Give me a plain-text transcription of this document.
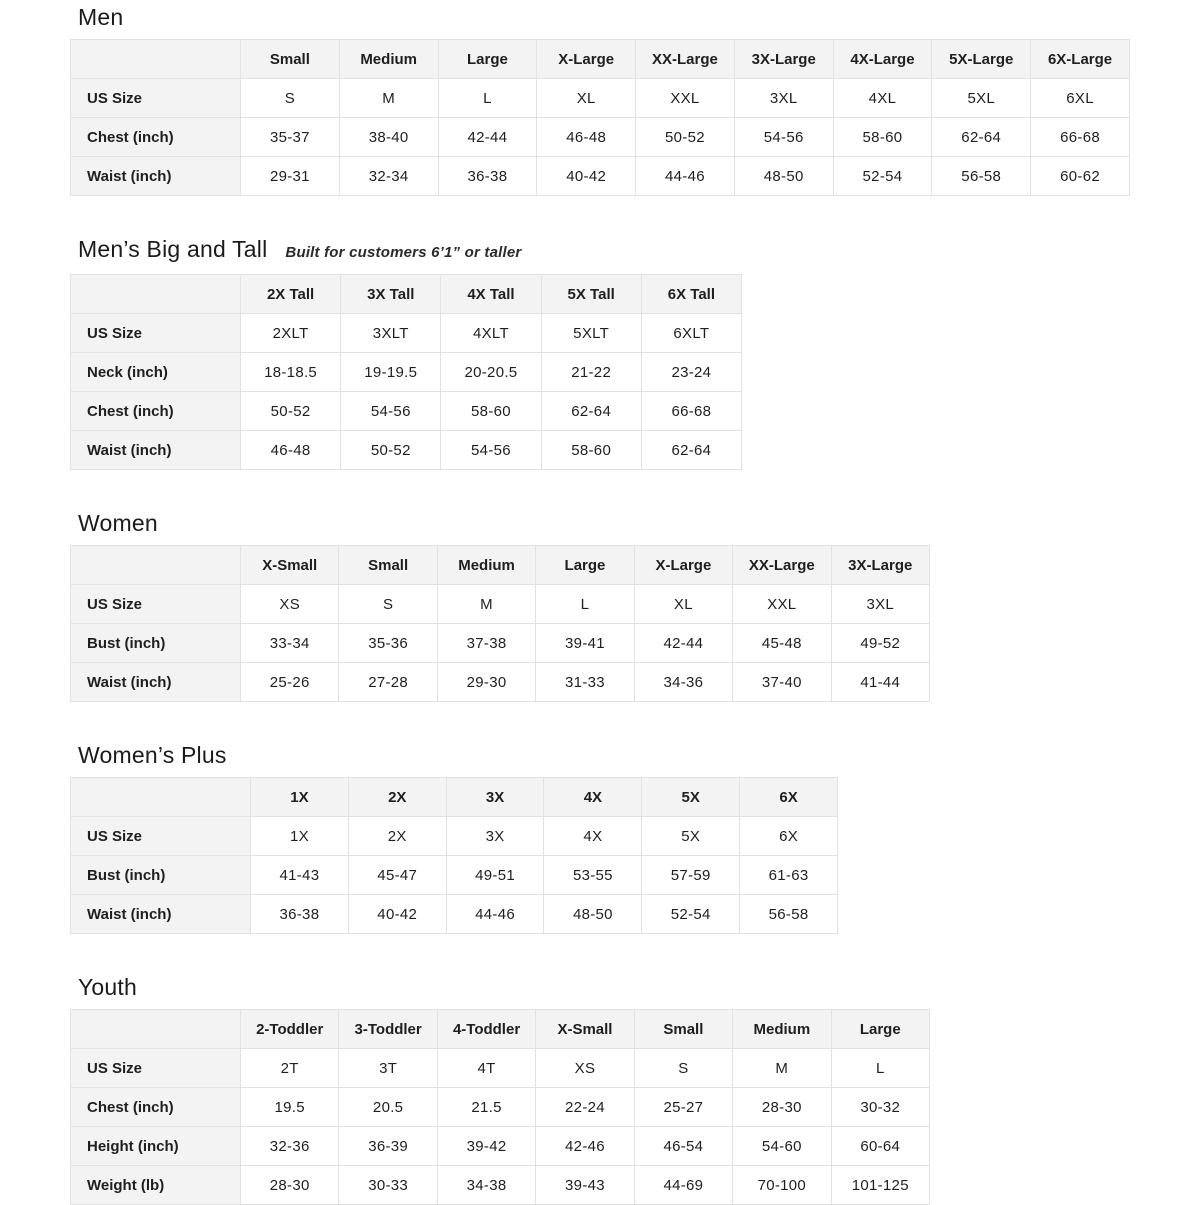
Men
	Small	Medium	Large	X-Large	XX-Large	3X-Large	4X-Large	5X-Large	6X-Large
US Size	S	M	L	XL	XXL	3XL	4XL	5XL	6XL
Chest (inch)	35-37	38-40	42-44	46-48	50-52	54-56	58-60	62-64	66-68
Waist (inch)	29-31	32-34	36-38	40-42	44-46	48-50	52-54	56-58	60-62
Men’s Big and Tall Built for customers 6’1” or taller
	2X Tall	3X Tall	4X Tall	5X Tall	6X Tall
US Size	2XLT	3XLT	4XLT	5XLT	6XLT
Neck (inch)	18-18.5	19-19.5	20-20.5	21-22	23-24
Chest (inch)	50-52	54-56	58-60	62-64	66-68
Waist (inch)	46-48	50-52	54-56	58-60	62-64
Women
	X-Small	Small	Medium	Large	X-Large	XX-Large	3X-Large
US Size	XS	S	M	L	XL	XXL	3XL
Bust (inch)	33-34	35-36	37-38	39-41	42-44	45-48	49-52
Waist (inch)	25-26	27-28	29-30	31-33	34-36	37-40	41-44
Women’s Plus
	1X	2X	3X	4X	5X	6X
US Size	1X	2X	3X	4X	5X	6X
Bust (inch)	41-43	45-47	49-51	53-55	57-59	61-63
Waist (inch)	36-38	40-42	44-46	48-50	52-54	56-58
Youth
	2-Toddler	3-Toddler	4-Toddler	X-Small	Small	Medium	Large
US Size	2T	3T	4T	XS	S	M	L
Chest (inch)	19.5	20.5	21.5	22-24	25-27	28-30	30-32
Height (inch)	32-36	36-39	39-42	42-46	46-54	54-60	60-64
Weight (lb)	28-30	30-33	34-38	39-43	44-69	70-100	101-125
